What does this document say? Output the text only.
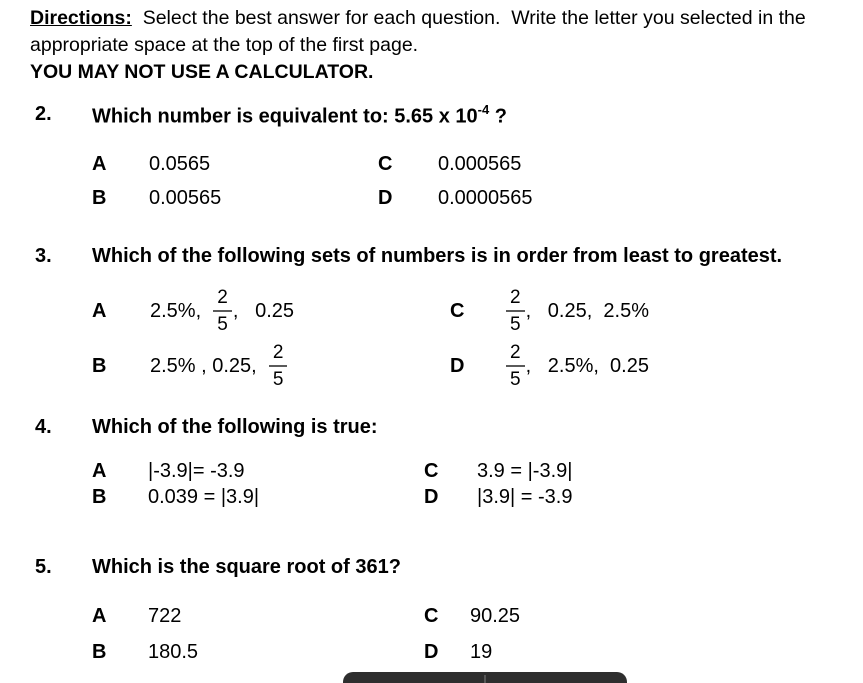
Directions:  Select the best answer for each question.  Write the letter you selected in the
appropriate space at the top of the first page.
YOU MAY NOT USE A CALCULATOR.
2. Which number is equivalent to: 5.65 x $10^{-4}$ ?
A 0.0565	C 0.000565
B 0.00565	D 0.0000565
3. Which of the following sets of numbers is in order from least to greatest.
A 2.5%, $\frac{2}{5}$ ,   0.25	C $\frac{2}{5}$ ,   0.25,  2.5%
B 2.5% , 0.25, $\frac{2}{5}$	D $\frac{2}{5}$ ,   2.5%,  0.25
4. Which of the following is true:
A |-3.9|= -3.9	C 3.9 = |-3.9|
B 0.039 = |3.9|	D |3.9| = -3.9
5. Which is the square root of 361?
A 722	C 90.25
B 180.5	D 19
